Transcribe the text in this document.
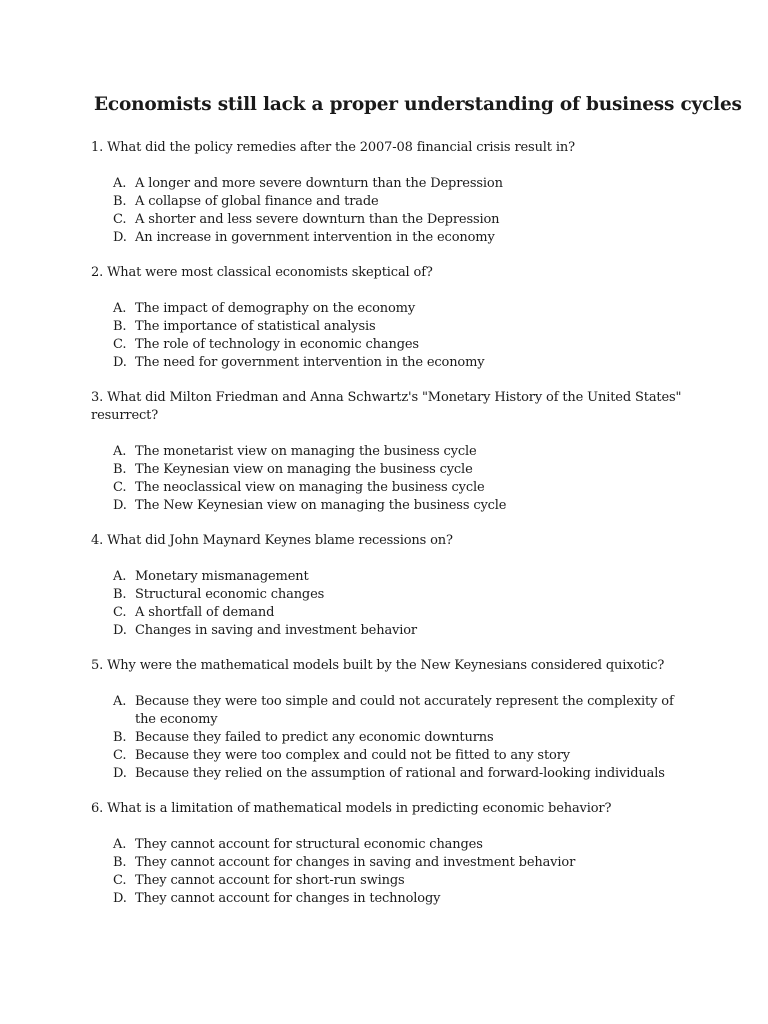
Economists still lack a proper understanding of business cycles

1. What did the policy remedies after the 2007-08 financial crisis result in?

A. A longer and more severe downturn than the Depression
B. A collapse of global finance and trade
C. A shorter and less severe downturn than the Depression
D. An increase in government intervention in the economy

2. What were most classical economists skeptical of?

A. The impact of demography on the economy
B. The importance of statistical analysis
C. The role of technology in economic changes
D. The need for government intervention in the economy

3. What did Milton Friedman and Anna Schwartz's "Monetary History of the United States" resurrect?

A. The monetarist view on managing the business cycle
B. The Keynesian view on managing the business cycle
C. The neoclassical view on managing the business cycle
D. The New Keynesian view on managing the business cycle

4. What did John Maynard Keynes blame recessions on?

A. Monetary mismanagement
B. Structural economic changes
C. A shortfall of demand
D. Changes in saving and investment behavior

5. Why were the mathematical models built by the New Keynesians considered quixotic?

A. Because they were too simple and could not accurately represent the complexity of the economy
B. Because they failed to predict any economic downturns
C. Because they were too complex and could not be fitted to any story
D. Because they relied on the assumption of rational and forward-looking individuals

6. What is a limitation of mathematical models in predicting economic behavior?

A. They cannot account for structural economic changes
B. They cannot account for changes in saving and investment behavior
C. They cannot account for short-run swings
D. They cannot account for changes in technology
